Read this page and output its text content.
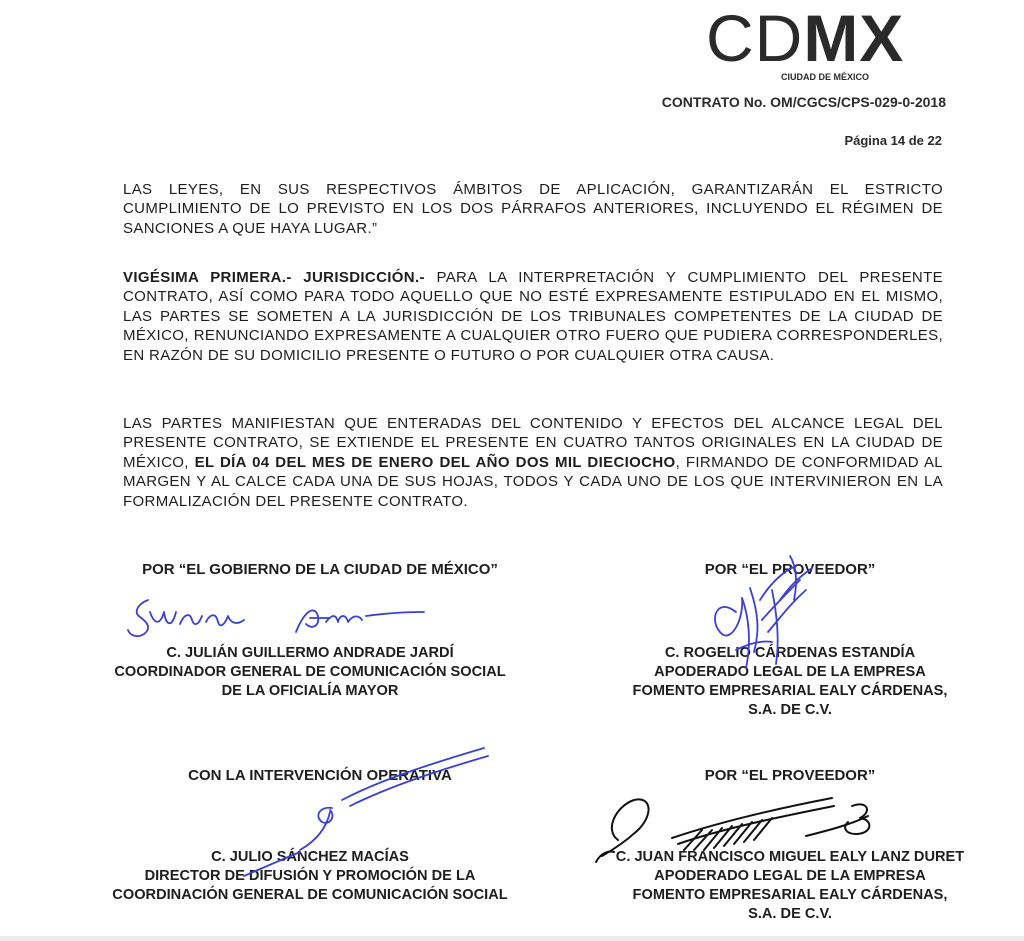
CDMX
CIUDAD DE MÉXICO
CONTRATO No. OM/CGCS/CPS-029-0-2018
Página 14 de 22
LAS LEYES, EN SUS RESPECTIVOS ÁMBITOS DE APLICACIÓN, GARANTIZARÁN EL ESTRICTO CUMPLIMIENTO DE LO PREVISTO EN LOS DOS PÁRRAFOS ANTERIORES, INCLUYENDO EL RÉGIMEN DE SANCIONES A QUE HAYA LUGAR.”
VIGÉSIMA PRIMERA.- JURISDICCIÓN.- PARA LA INTERPRETACIÓN Y CUMPLIMIENTO DEL PRESENTE CONTRATO, ASÍ COMO PARA TODO AQUELLO QUE NO ESTÉ EXPRESAMENTE ESTIPULADO EN EL MISMO, LAS PARTES SE SOMETEN A LA JURISDICCIÓN DE LOS TRIBUNALES COMPETENTES DE LA CIUDAD DE MÉXICO, RENUNCIANDO EXPRESAMENTE A CUALQUIER OTRO FUERO QUE PUDIERA CORRESPONDERLES, EN RAZÓN DE SU DOMICILIO PRESENTE O FUTURO O POR CUALQUIER OTRA CAUSA.
LAS PARTES MANIFIESTAN QUE ENTERADAS DEL CONTENIDO Y EFECTOS DEL ALCANCE LEGAL DEL PRESENTE CONTRATO, SE EXTIENDE EL PRESENTE EN CUATRO TANTOS ORIGINALES EN LA CIUDAD DE MÉXICO, EL DÍA 04 DEL MES DE ENERO DEL AÑO DOS MIL DIECIOCHO, FIRMANDO DE CONFORMIDAD AL MARGEN Y AL CALCE CADA UNA DE SUS HOJAS, TODOS Y CADA UNO DE LOS QUE INTERVINIERON EN LA FORMALIZACIÓN DEL PRESENTE CONTRATO.
POR “EL GOBIERNO DE LA CIUDAD DE MÉXICO”	POR “EL PROVEEDOR”
CON LA INTERVENCIÓN OPERATIVA	POR “EL PROVEEDOR”
C. JULIÁN GUILLERMO ANDRADE JARDÍ
COORDINADOR GENERAL DE COMUNICACIÓN SOCIAL
DE LA OFICIALÍA MAYOR
C. ROGELIO CÁRDENAS ESTANDÍA
APODERADO LEGAL DE LA EMPRESA
FOMENTO EMPRESARIAL EALY CÁRDENAS,
S.A. DE C.V.
C. JULIO SÁNCHEZ MACÍAS
DIRECTOR DE DIFUSIÓN Y PROMOCIÓN DE LA
COORDINACIÓN GENERAL DE COMUNICACIÓN SOCIAL
C. JUAN FRANCISCO MIGUEL EALY LANZ DURET
APODERADO LEGAL DE LA EMPRESA
FOMENTO EMPRESARIAL EALY CÁRDENAS,
S.A. DE C.V.
